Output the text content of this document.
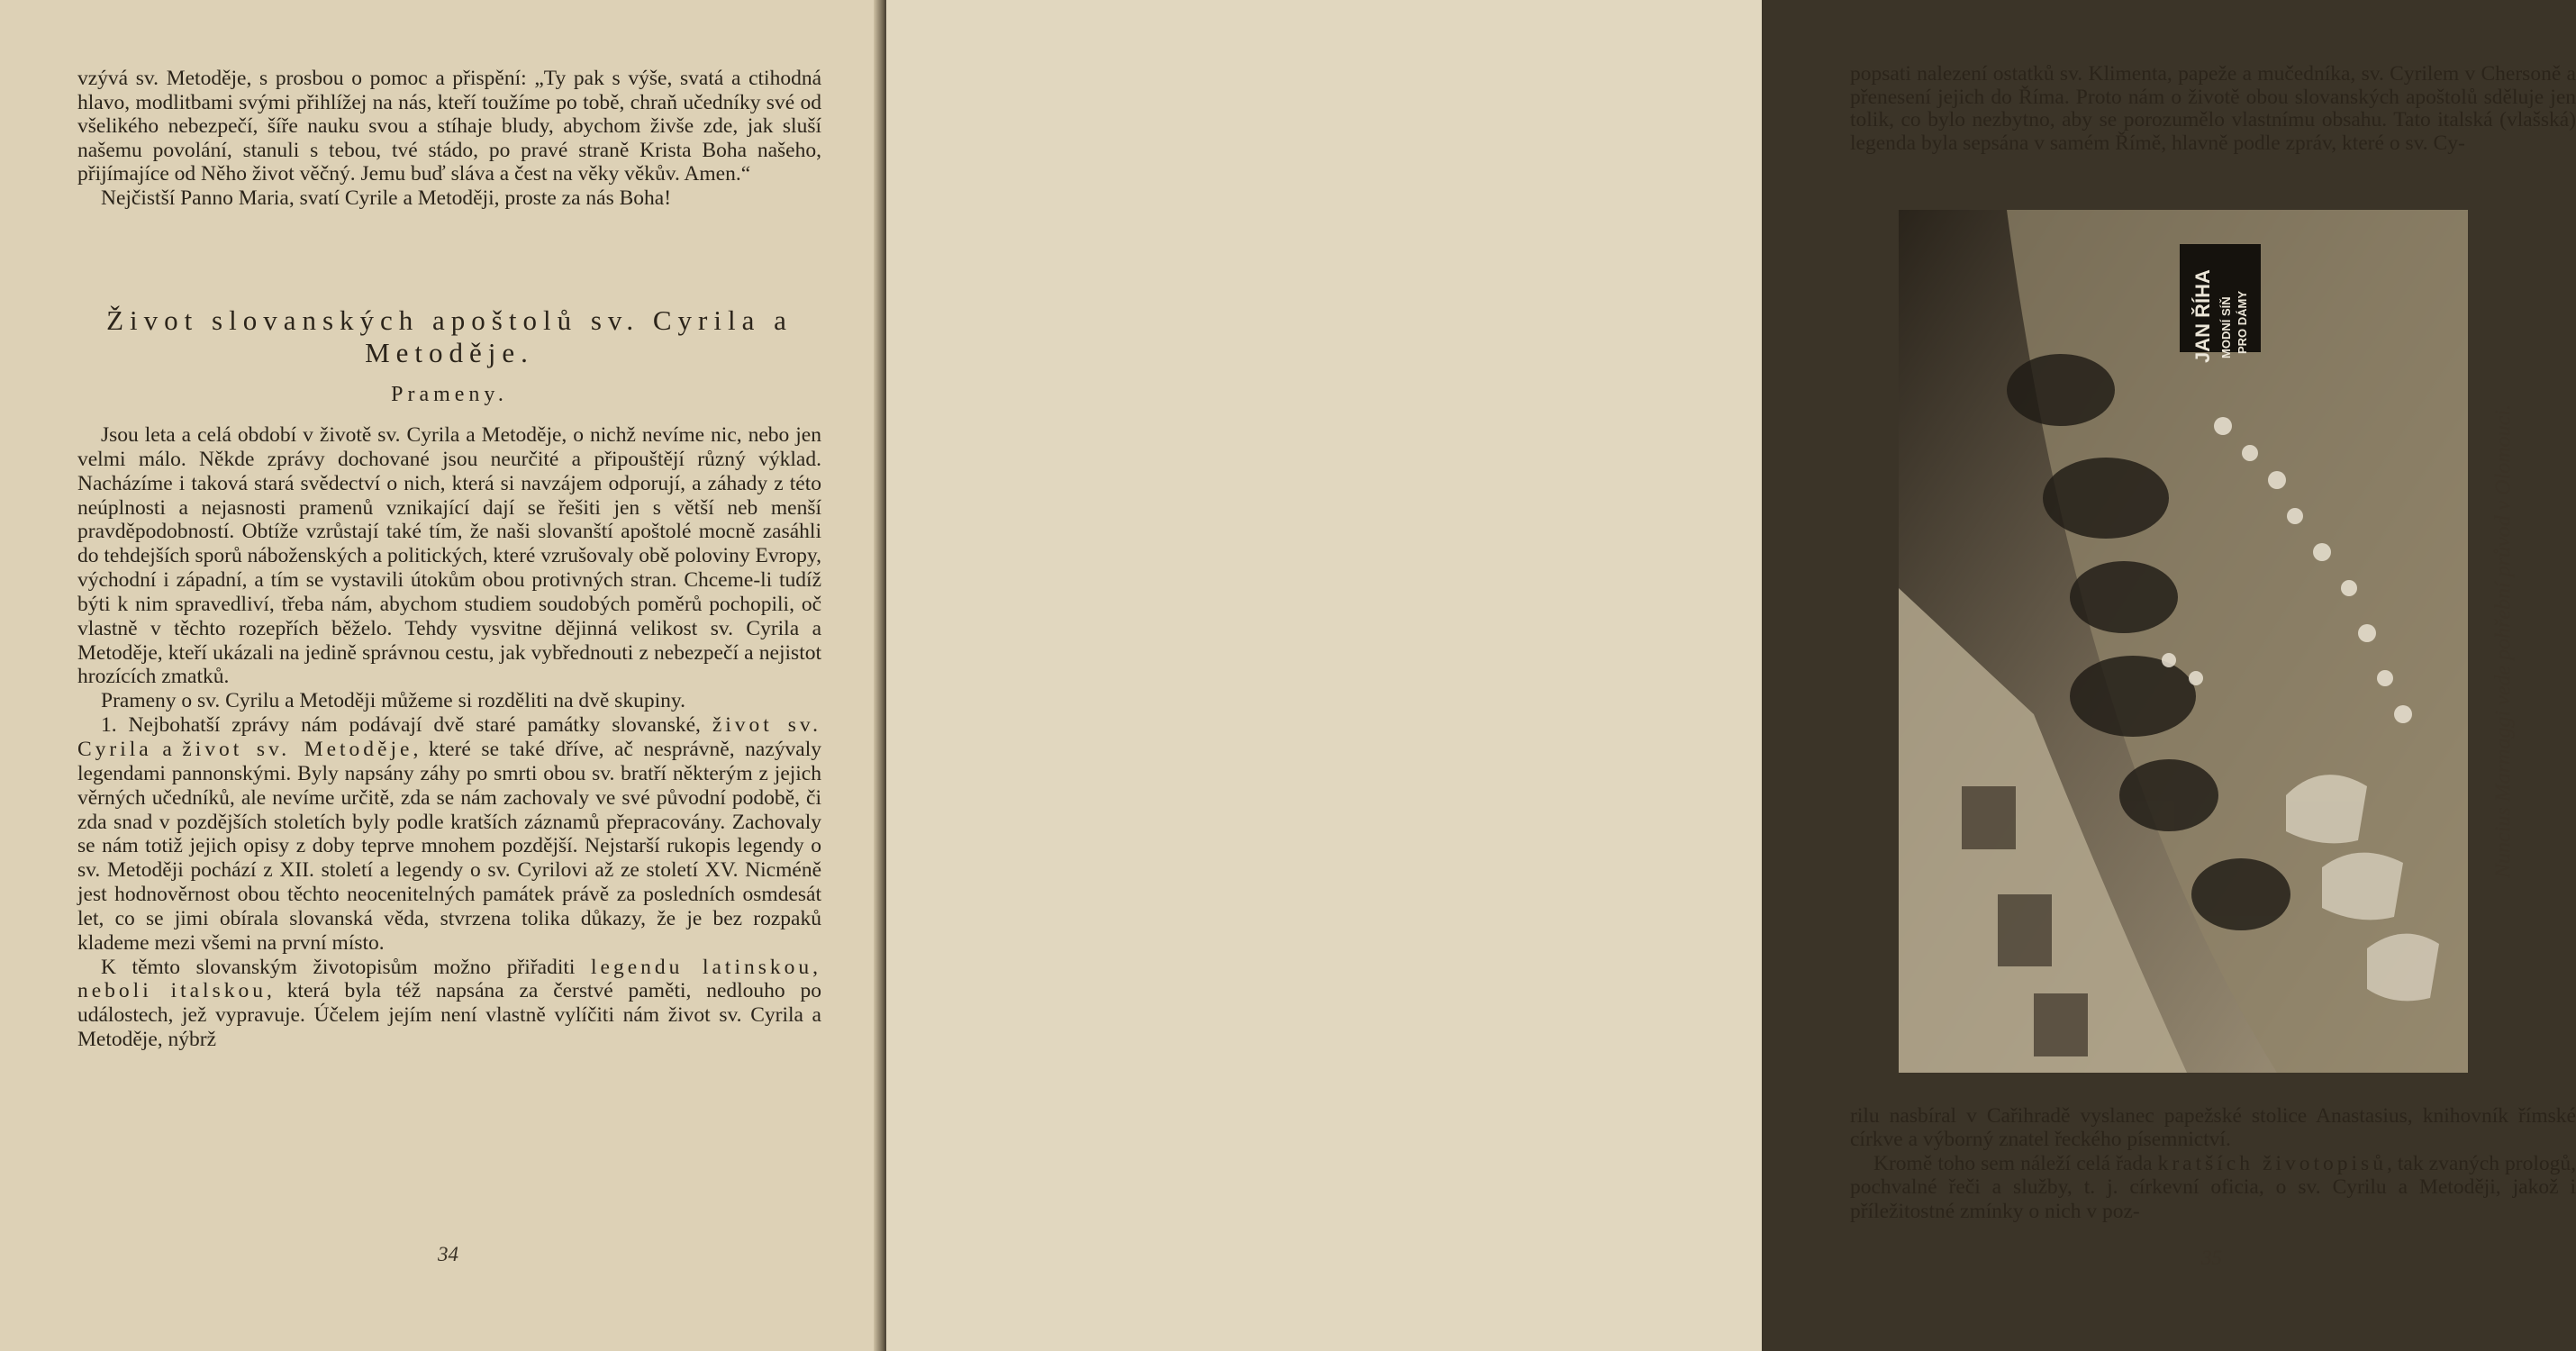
vzývá sv. Metoděje, s prosbou o pomoc a přispění: „Ty pak s výše, svatá a ctihodná hlavo, modlitbami svými přihlížej na nás, kteří toužíme po tobě, chraň učedníky své od všelikého nebezpečí, šíře nauku svou a stíhaje bludy, abychom živše zde, jak sluší našemu povolání, stanuli s tebou, tvé stádo, po pravé straně Krista Boha našeho, přijímajíce od Něho život věčný. Jemu buď sláva a čest na věky věkův. Amen.“

Nejčistší Panno Maria, svatí Cyrile a Metoději, proste za nás Boha!

Život slovanských apoštolů sv. Cyrila a Metoděje.
Prameny.

Jsou leta a celá období v životě sv. Cyrila a Metoděje, o nichž nevíme nic, nebo jen velmi málo. Někde zprávy dochované jsou neurčité a připouštějí různý výklad. Nacházíme i taková stará svědectví o nich, která si navzájem odporují, a záhady z této neúplnosti a nejasnosti pramenů vznikající dají se řešiti jen s větší neb menší pravděpodobností. Obtíže vzrůstají také tím, že naši slovanští apoštolé mocně zasáhli do tehdejších sporů náboženských a politických, které vzrušovaly obě poloviny Evropy, východní i západní, a tím se vystavili útokům obou protivných stran. Chceme-li tudíž býti k nim spravedliví, třeba nám, abychom studiem soudobých poměrů pochopili, oč vlastně v těchto rozepřích běželo. Tehdy vysvitne dějinná velikost sv. Cyrila a Metoděje, kteří ukázali na jedině správnou cestu, jak vybřednouti z nebezpečí a nejistot hrozících zmatků.

Prameny o sv. Cyrilu a Metoději můžeme si rozděliti na dvě skupiny.

1. Nejbohatší zprávy nám podávají dvě staré památky slovanské, život sv. Cyrila a život sv. Metoděje, které se také dříve, ač nesprávně, nazývaly legendami pannonskými. Byly napsány záhy po smrti obou sv. bratří některým z jejich věrných učedníků, ale nevíme určitě, zda se nám zachovaly ve své původní podobě, či zda snad v pozdějších stoletích byly podle kratších záznamů přepracovány. Zachovaly se nám totiž jejich opisy z doby teprve mnohem pozdější. Nejstarší rukopis legendy o sv. Metoději pochází z XII. století a legendy o sv. Cyrilovi až ze století XV. Nicméně jest hodnověrnost obou těchto neocenitelných památek právě za posledních osmdesát let, co se jimi obírala slovanská věda, stvrzena tolika důkazy, že je bez rozpaků klademe mezi všemi na první místo.

K těmto slovanským životopisům možno přiřaditi legendu latinskou, neboli italskou, která byla též napsána za čerstvé paměti, nedlouho po událostech, jež vypravuje. Účelem jejím není vlastně vylíčiti nám život sv. Cyrila a Metoděje, nýbrž

34

popsati nalezení ostatků sv. Klimenta, papeže a mučedníka, sv. Cyrilem v Chersoně a přenesení jejich do Říma. Proto nám o životě obou slovanských apoštolů sděluje jen tolik, co bylo nezbytno, aby se porozumělo vlastnímu obsahu. Tato italská (vlašská) legenda byla sepsána v samém Římě, hlavně podle zpráv, které o sv. Cy-

JAN ŘÍHA MODNÍ SÍŇ PRO DÁMY
Nuncius Marmaggi vede pohřební průvod v Olomouci.

rilu nasbíral v Cařihradě vyslanec papežské stolice Anastasius, knihovník římské církve a výborný znatel řeckého písemnictví.

Kromě toho sem náleží celá řada kratších životopisů, tak zvaných prologů, pochvalné řeči a služby, t. j. církevní oficia, o sv. Cyrilu a Metoději, jakož i příležitostné zmínky o nich v poz-

35
